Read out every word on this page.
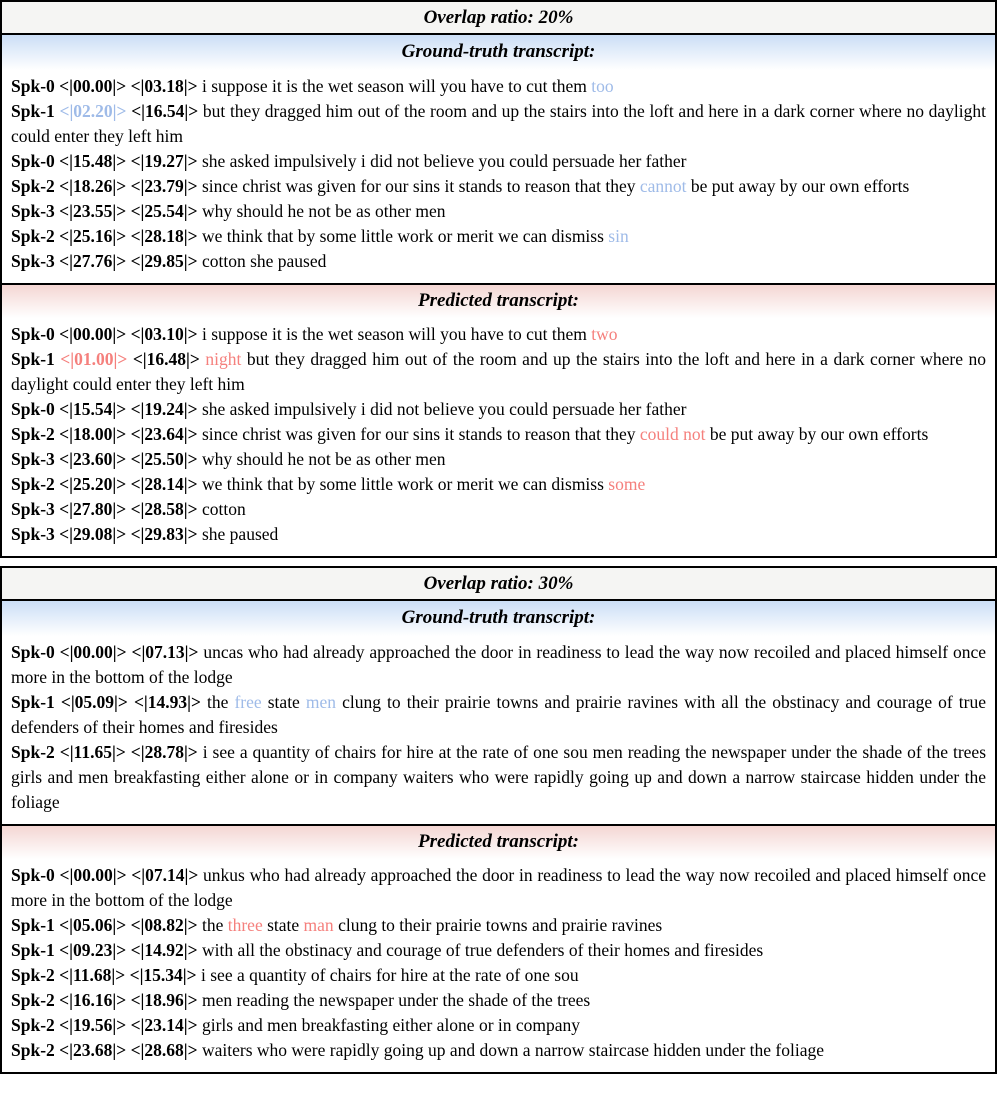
Overlap ratio: 20%
Ground-truth transcript:

Spk-0 <|00.00|> <|03.18|> i suppose it is the wet season will you have to cut them too

Spk-1 <|02.20|> <|16.54|> but they dragged him out of the room and up the stairs into the loft and here in a dark corner where no daylight could enter they left him

Spk-0 <|15.48|> <|19.27|> she asked impulsively i did not believe you could persuade her father

Spk-2 <|18.26|> <|23.79|> since christ was given for our sins it stands to reason that they cannot be put away by our own efforts

Spk-3 <|23.55|> <|25.54|> why should he not be as other men

Spk-2 <|25.16|> <|28.18|> we think that by some little work or merit we can dismiss sin

Spk-3 <|27.76|> <|29.85|> cotton she paused

Predicted transcript:

Spk-0 <|00.00|> <|03.10|> i suppose it is the wet season will you have to cut them two

Spk-1 <|01.00|> <|16.48|> night but they dragged him out of the room and up the stairs into the loft and here in a dark corner where no daylight could enter they left him

Spk-0 <|15.54|> <|19.24|> she asked impulsively i did not believe you could persuade her father

Spk-2 <|18.00|> <|23.64|> since christ was given for our sins it stands to reason that they could not be put away by our own efforts

Spk-3 <|23.60|> <|25.50|> why should he not be as other men

Spk-2 <|25.20|> <|28.14|> we think that by some little work or merit we can dismiss some

Spk-3 <|27.80|> <|28.58|> cotton

Spk-3 <|29.08|> <|29.83|> she paused

Overlap ratio: 30%
Ground-truth transcript:

Spk-0 <|00.00|> <|07.13|> uncas who had already approached the door in readiness to lead the way now recoiled and placed himself once more in the bottom of the lodge

Spk-1 <|05.09|> <|14.93|> the free state men clung to their prairie towns and prairie ravines with all the obstinacy and courage of true defenders of their homes and firesides

Spk-2 <|11.65|> <|28.78|> i see a quantity of chairs for hire at the rate of one sou men reading the newspaper under the shade of the trees girls and men breakfasting either alone or in company waiters who were rapidly going up and down a narrow staircase hidden under the foliage

Predicted transcript:

Spk-0 <|00.00|> <|07.14|> unkus who had already approached the door in readiness to lead the way now recoiled and placed himself once more in the bottom of the lodge

Spk-1 <|05.06|> <|08.82|> the three state man clung to their prairie towns and prairie ravines

Spk-1 <|09.23|> <|14.92|> with all the obstinacy and courage of true defenders of their homes and firesides

Spk-2 <|11.68|> <|15.34|> i see a quantity of chairs for hire at the rate of one sou

Spk-2 <|16.16|> <|18.96|> men reading the newspaper under the shade of the trees

Spk-2 <|19.56|> <|23.14|> girls and men breakfasting either alone or in company

Spk-2 <|23.68|> <|28.68|> waiters who were rapidly going up and down a narrow staircase hidden under the foliage
